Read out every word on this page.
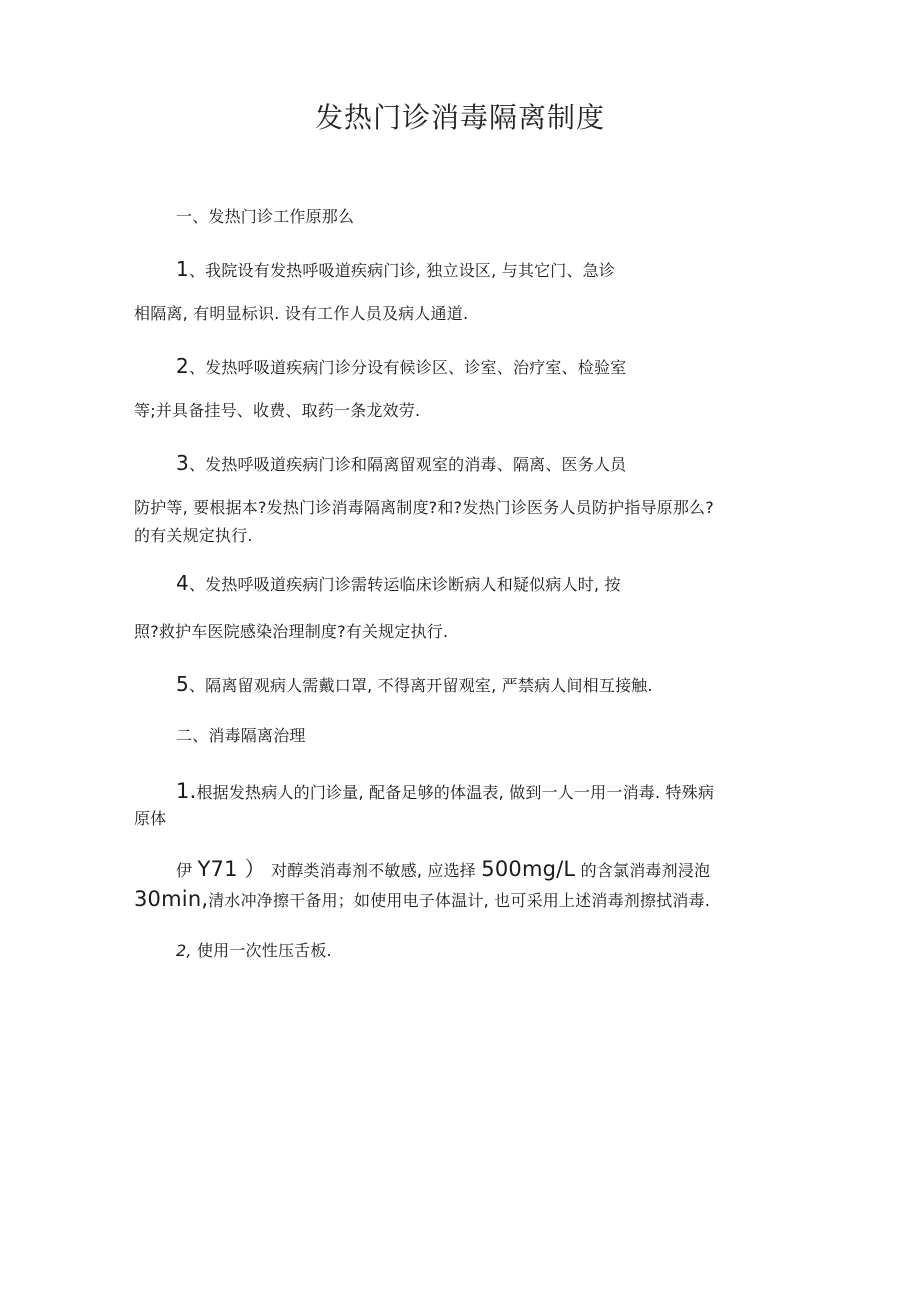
发热门诊消毒隔离制度
一、发热门诊工作原那么
1、我院设有发热呼吸道疾病门诊, 独立设区, 与其它门、急诊
相隔离, 有明显标识. 设有工作人员及病人通道.
2、发热呼吸道疾病门诊分设有候诊区、诊室、治疗室、检验室
等;并具备挂号、收费、取药一条龙效劳.
3、发热呼吸道疾病门诊和隔离留观室的消毒、隔离、医务人员
防护等, 要根据本?发热门诊消毒隔离制度?和?发热门诊医务人员防护指导原那么?
的有关规定执行.
4、发热呼吸道疾病门诊需转运临床诊断病人和疑似病人时, 按
照?救护车医院感染治理制度?有关规定执行.
5、隔离留观病人需戴口罩, 不得离开留观室, 严禁病人间相互接触.
二、消毒隔离治理
1.根据发热病人的门诊量, 配备足够的体温表, 做到一人一用一消毒. 特殊病
原体
伊 Y71 ） 对醇类消毒剂不敏感, 应选择 500mg/L 的含氯消毒剂浸泡
30min,清水冲净擦干备用；如使用电子体温计, 也可采用上述消毒剂擦拭消毒.
2, 使用一次性压舌板.
